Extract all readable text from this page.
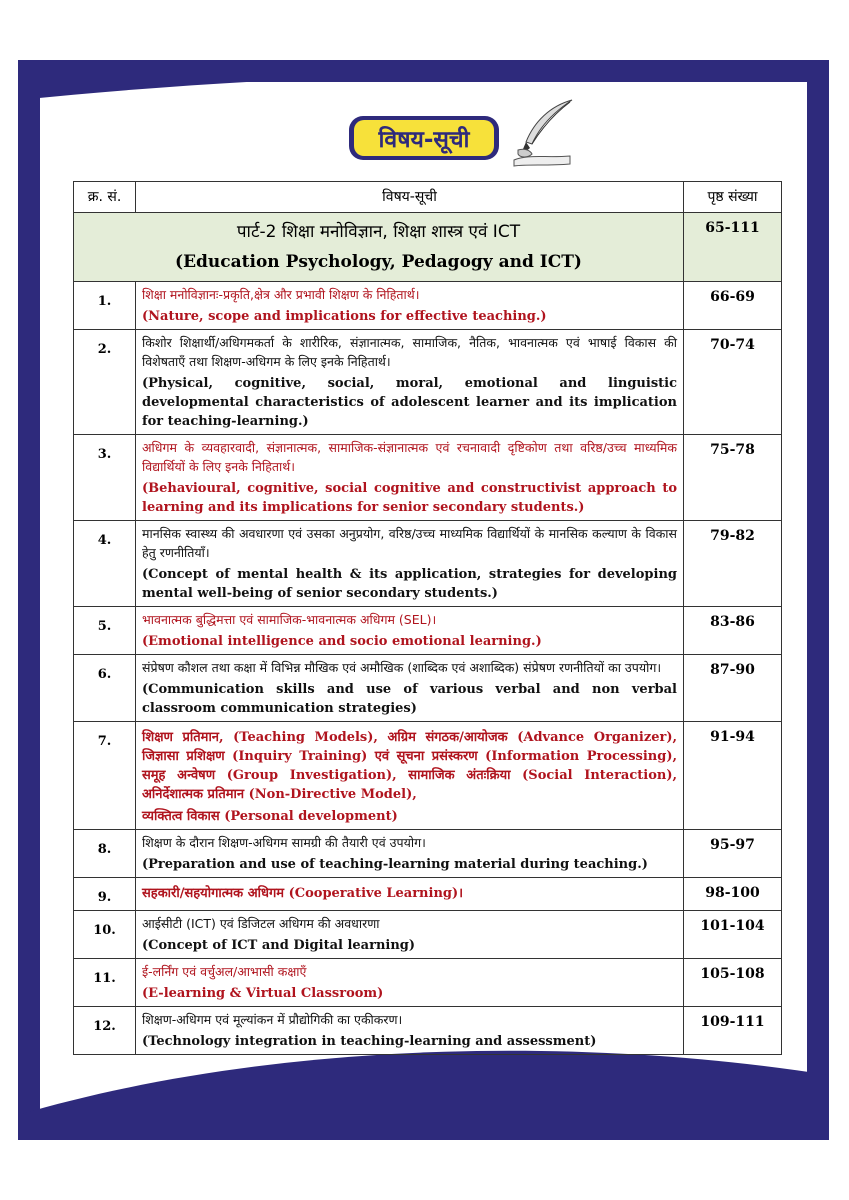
विषय-सूची
क्र. सं.	विषय-सूची	पृष्ठ संख्या

पार्ट-2 शिक्षा मनोविज्ञान, शिक्षा शास्त्र एवं ICT
(Education Psychology, Pedagogy and ICT)		65-111
1.	शिक्षा मनोविज्ञानः-प्रकृति,क्षेत्र और प्रभावी शिक्षण के निहितार्थ।
(Nature, scope and implications for effective teaching.)	66-69
2.	किशोर शिक्षार्थी/अधिगमकर्ता के शारीरिक, संज्ञानात्मक, सामाजिक, नैतिक, भावनात्मक एवं भाषाई विकास की विशेषताएँ तथा शिक्षण-अधिगम के लिए इनके निहितार्थ।
(Physical, cognitive, social, moral, emotional and linguistic developmental characteristics of adolescent learner and its implication for teaching-learning.)	70-74
3.	अधिगम के व्यवहारवादी, संज्ञानात्मक, सामाजिक-संज्ञानात्मक एवं रचनावादी दृष्टिकोण तथा वरिष्ठ/उच्च माध्यमिक विद्यार्थियों के लिए इनके निहितार्थ।
(Behavioural, cognitive, social cognitive and constructivist approach to learning and its implications for senior secondary students.)	75-78
4.	मानसिक स्वास्थ्य की अवधारणा एवं उसका अनुप्रयोग, वरिष्ठ/उच्च माध्यमिक विद्यार्थियों के मानसिक कल्याण के विकास हेतु रणनीतियाँ।
(Concept of mental health & its application, strategies for developing mental well-being of senior secondary students.)	79-82
5.	भावनात्मक बुद्धिमत्ता एवं सामाजिक-भावनात्मक अधिगम (SEL)।
(Emotional intelligence and socio emotional learning.)	83-86
6.	संप्रेषण कौशल तथा कक्षा में विभिन्न मौखिक एवं अमौखिक (शाब्दिक एवं अशाब्दिक) संप्रेषण रणनीतियों का उपयोग।
(Communication skills and use of various verbal and non verbal classroom communication strategies)	87-90
7.	शिक्षण प्रतिमान, (Teaching Models), अग्रिम संगठक/आयोजक (Advance Organizer), जिज्ञासा प्रशिक्षण (Inquiry Training) एवं सूचना प्रसंस्करण (Information Processing), समूह अन्वेषण (Group Investigation), सामाजिक अंतःक्रिया (Social Interaction), अनिर्देशात्मक प्रतिमान (Non-Directive Model),
व्यक्तित्व विकास (Personal development)	91-94
8.	शिक्षण के दौरान शिक्षण-अधिगम सामग्री की तैयारी एवं उपयोग।
(Preparation and use of teaching-learning material during teaching.)	95-97
9.	सहकारी/सहयोगात्मक अधिगम (Cooperative Learning)।	98-100
10.	आईसीटी (ICT) एवं डिजिटल अधिगम की अवधारणा
(Concept of ICT and Digital learning)	101-104
11.	ई-लर्निंग एवं वर्चुअल/आभासी कक्षाएँ
(E-learning & Virtual Classroom)	105-108
12.	शिक्षण-अधिगम एवं मूल्यांकन में प्रौद्योगिकी का एकीकरण।
(Technology integration in teaching-learning and assessment)	109-111
